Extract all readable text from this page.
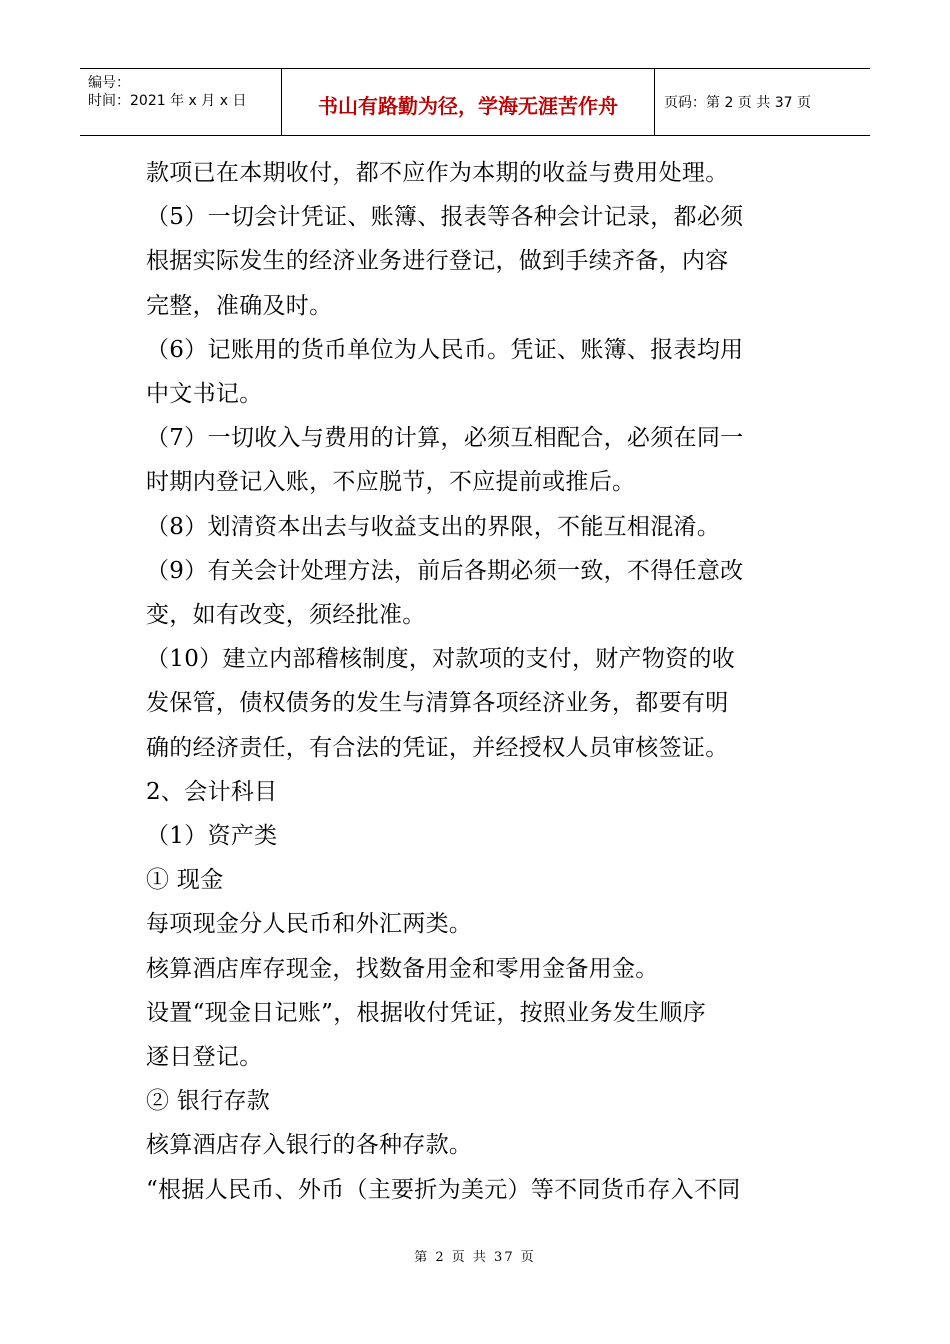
编号：
时间：2021 年 x 月 x 日	书山有路勤为径，学海无涯苦作舟	页码：第 2 页 共 37 页

款项已在本期收付，都不应作为本期的收益与费用处理。

（5）一切会计凭证、账簿、报表等各种会计记录，都必须

根据实际发生的经济业务进行登记，做到手续齐备，内容

完整，准确及时。

（6）记账用的货币单位为人民币。凭证、账簿、报表均用

中文书记。

（7）一切收入与费用的计算，必须互相配合，必须在同一

时期内登记入账，不应脱节，不应提前或推后。

（8）划清资本出去与收益支出的界限，不能互相混淆。

（9）有关会计处理方法，前后各期必须一致，不得任意改

变，如有改变，须经批准。

（10）建立内部稽核制度，对款项的支付，财产物资的收

发保管，债权债务的发生与清算各项经济业务，都要有明

确的经济责任，有合法的凭证，并经授权人员审核签证。

2、会计科目

（1）资产类

① 现金

每项现金分人民币和外汇两类。

核算酒店库存现金，找数备用金和零用金备用金。

设置“现金日记账”，根据收付凭证，按照业务发生顺序

逐日登记。

② 银行存款

核算酒店存入银行的各种存款。

“根据人民币、外币（主要折为美元）等不同货币存入不同

第 2 页 共 37 页
